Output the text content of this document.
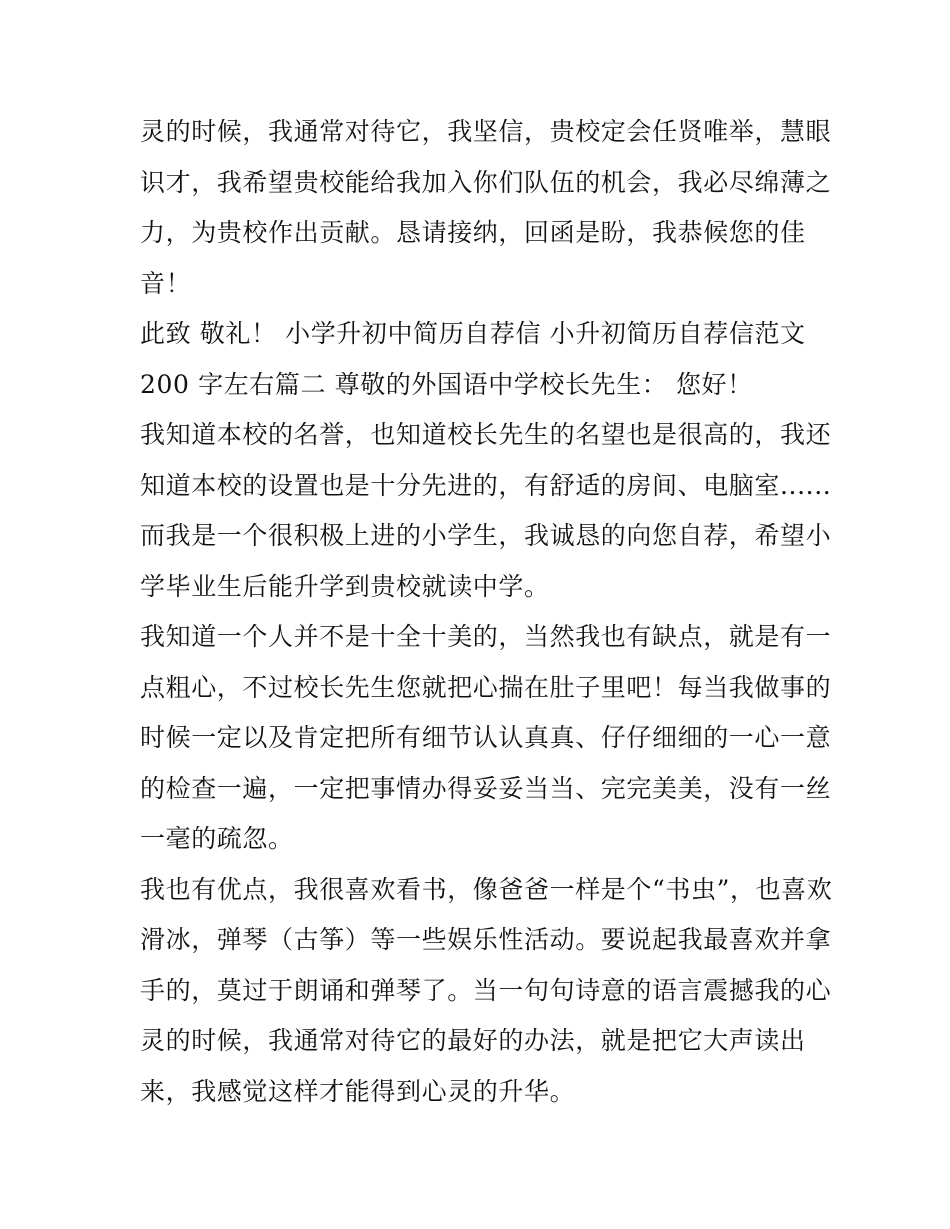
灵的时候，我通常对待它，我坚信，贵校定会任贤唯举，慧眼
识才，我希望贵校能给我加入你们队伍的机会，我必尽绵薄之
力，为贵校作出贡献。恳请接纳，回函是盼，我恭候您的佳
音！
此致 敬礼！ 小学升初中简历自荐信 小升初简历自荐信范文
200 字左右篇二 尊敬的外国语中学校长先生： 您好！
我知道本校的名誉，也知道校长先生的名望也是很高的，我还
知道本校的设置也是十分先进的，有舒适的房间、电脑室......
而我是一个很积极上进的小学生，我诚恳的向您自荐，希望小
学毕业生后能升学到贵校就读中学。
我知道一个人并不是十全十美的，当然我也有缺点，就是有一
点粗心，不过校长先生您就把心揣在肚子里吧！每当我做事的
时候一定以及肯定把所有细节认认真真、仔仔细细的一心一意
的检查一遍，一定把事情办得妥妥当当、完完美美，没有一丝
一毫的疏忽。
我也有优点，我很喜欢看书，像爸爸一样是个“书虫”，也喜欢
滑冰，弹琴（古筝）等一些娱乐性活动。要说起我最喜欢并拿
手的，莫过于朗诵和弹琴了。当一句句诗意的语言震撼我的心
灵的时候，我通常对待它的最好的办法，就是把它大声读出
来，我感觉这样才能得到心灵的升华。
